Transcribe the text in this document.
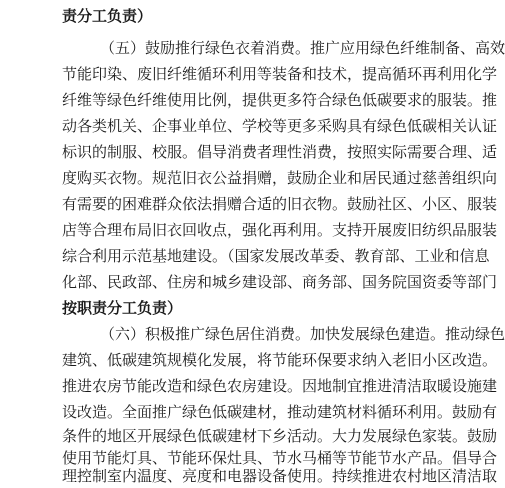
责分工负责）
（五）鼓励推行绿色衣着消费。推广应用绿色纤维制备、高效
节能印染、废旧纤维循环利用等装备和技术，提高循环再利用化学
纤维等绿色纤维使用比例，提供更多符合绿色低碳要求的服装。推
动各类机关、企事业单位、学校等更多采购具有绿色低碳相关认证
标识的制服、校服。倡导消费者理性消费，按照实际需要合理、适
度购买衣物。规范旧衣公益捐赠，鼓励企业和居民通过慈善组织向
有需要的困难群众依法捐赠合适的旧衣物。鼓励社区、小区、服装
店等合理布局旧衣回收点，强化再利用。支持开展废旧纺织品服装
综合利用示范基地建设。（国家发展改革委、教育部、工业和信息
化部、民政部、住房和城乡建设部、商务部、国务院国资委等部门
按职责分工负责）
（六）积极推广绿色居住消费。加快发展绿色建造。推动绿色
建筑、低碳建筑规模化发展，将节能环保要求纳入老旧小区改造。
推进农房节能改造和绿色农房建设。因地制宜推进清洁取暖设施建
设改造。全面推广绿色低碳建材，推动建筑材料循环利用。鼓励有
条件的地区开展绿色低碳建材下乡活动。大力发展绿色家装。鼓励
使用节能灯具、节能环保灶具、节水马桶等节能节水产品。倡导合
理控制室内温度、亮度和电器设备使用。持续推进农村地区清洁取
